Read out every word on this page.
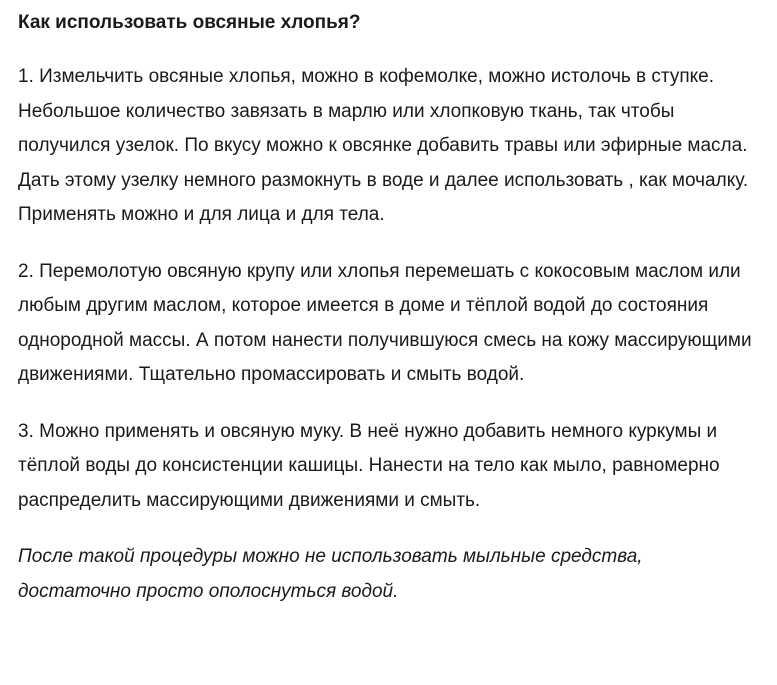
Как использовать овсяные хлопья?

1. Измельчить овсяные хлопья, можно в кофемолке, можно истолочь в ступке. Небольшое количество завязать в марлю или хлопковую ткань, так чтобы получился узелок. По вкусу можно к овсянке добавить травы или эфирные масла. Дать этому узелку немного размокнуть в воде и далее использовать , как мочалку. Применять можно и для лица и для тела.

2. Перемолотую овсяную крупу или хлопья перемешать с кокосовым маслом или любым другим маслом, которое имеется в доме и тёплой водой до состояния однородной массы. А потом нанести получившуюся смесь на кожу массирующими движениями. Тщательно промассировать и смыть водой.

3. Можно применять и овсяную муку. В неё нужно добавить немного куркумы и тёплой воды до консистенции кашицы. Нанести на тело как мыло, равномерно распределить массирующими движениями и смыть.

После такой процедуры можно не использовать мыльные средства, достаточно просто ополоснуться водой.
